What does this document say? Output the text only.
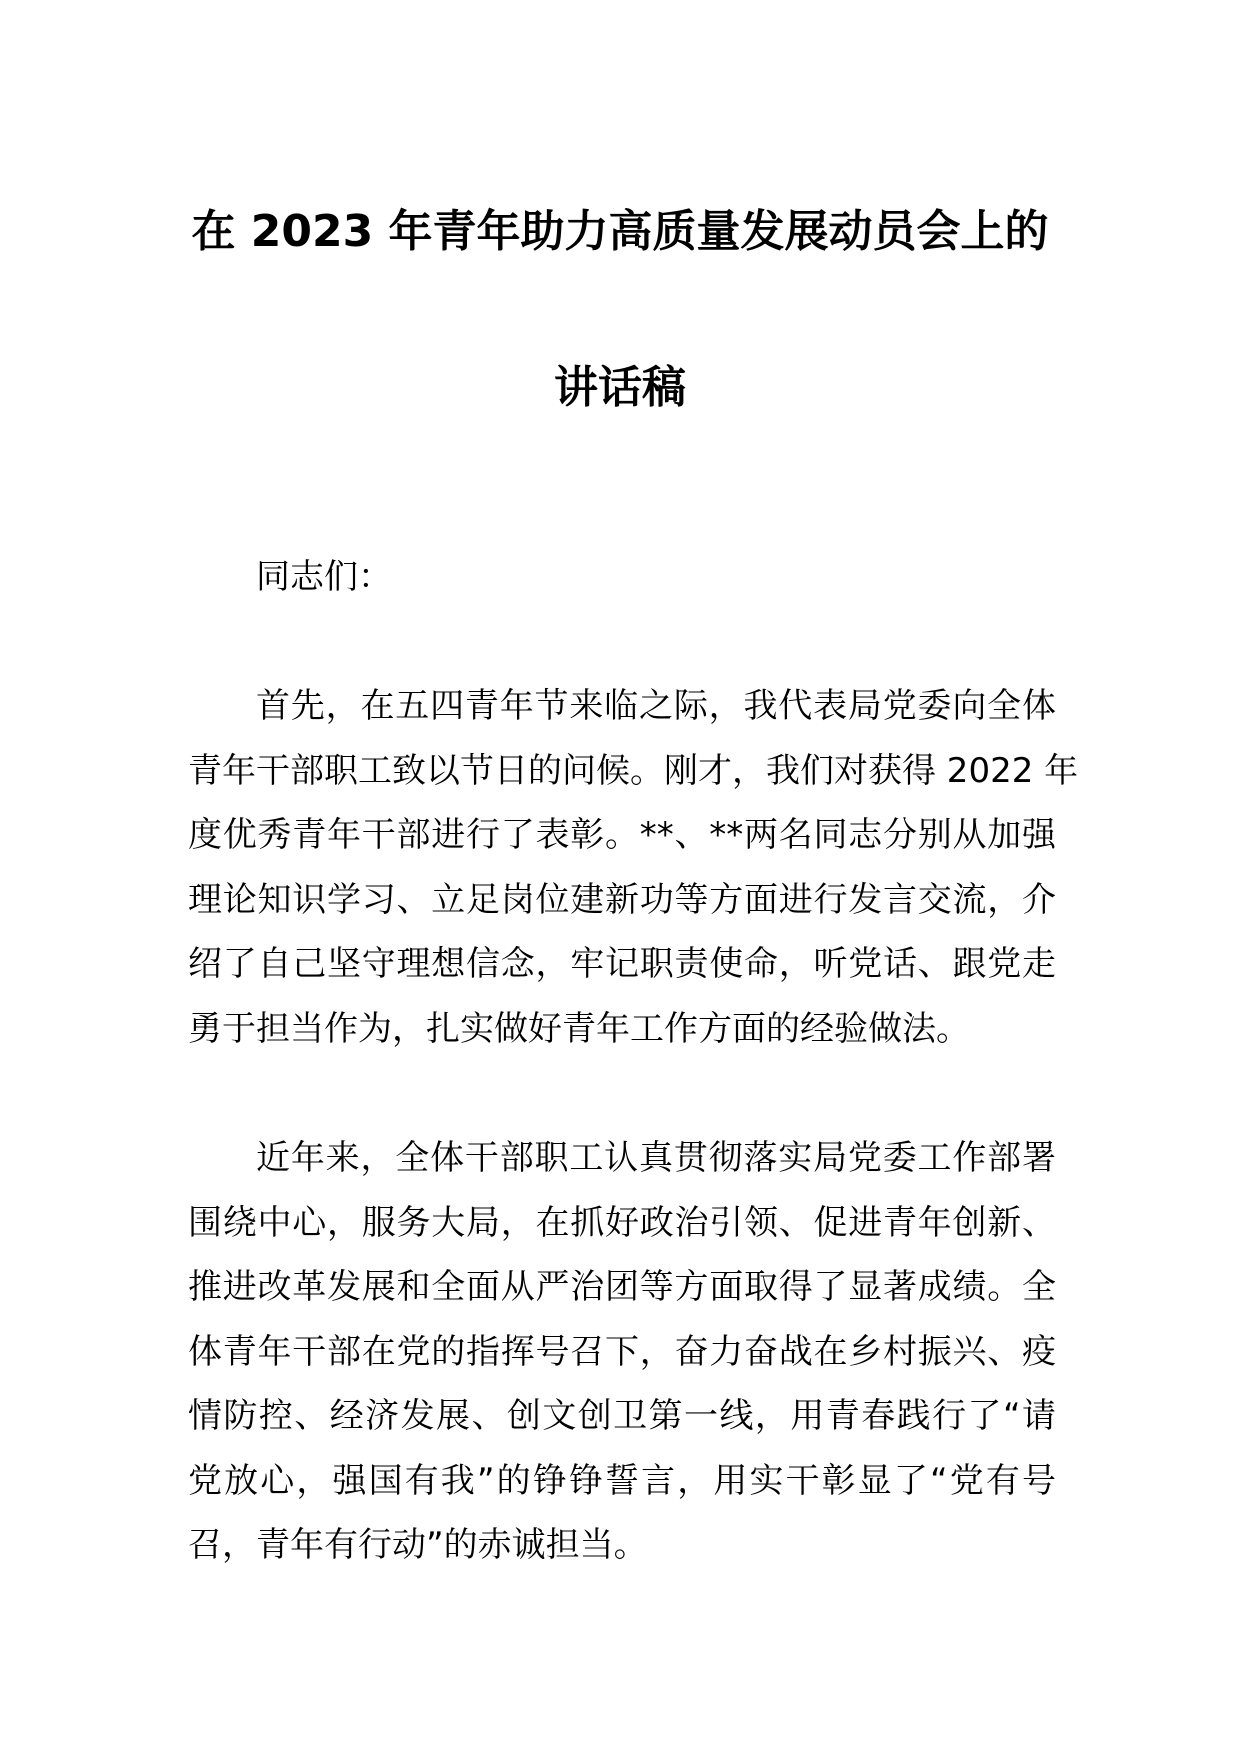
在 2023 年青年助力高质量发展动员会上的
讲话稿
同志们：
首先，在五四青年节来临之际，我代表局党委向全体
青年干部职工致以节日的问候。刚才，我们对获得 2022 年
度优秀青年干部进行了表彰。**、**两名同志分别从加强
理论知识学习、立足岗位建新功等方面进行发言交流，介
绍了自己坚守理想信念，牢记职责使命，听党话、跟党走
勇于担当作为，扎实做好青年工作方面的经验做法。
近年来，全体干部职工认真贯彻落实局党委工作部署
围绕中心，服务大局，在抓好政治引领、促进青年创新、
推进改革发展和全面从严治团等方面取得了显著成绩。全
体青年干部在党的指挥号召下，奋力奋战在乡村振兴、疫
情防控、经济发展、创文创卫第一线，用青春践行了“请
党放心，强国有我”的铮铮誓言，用实干彰显了“党有号
召，青年有行动”的赤诚担当。
